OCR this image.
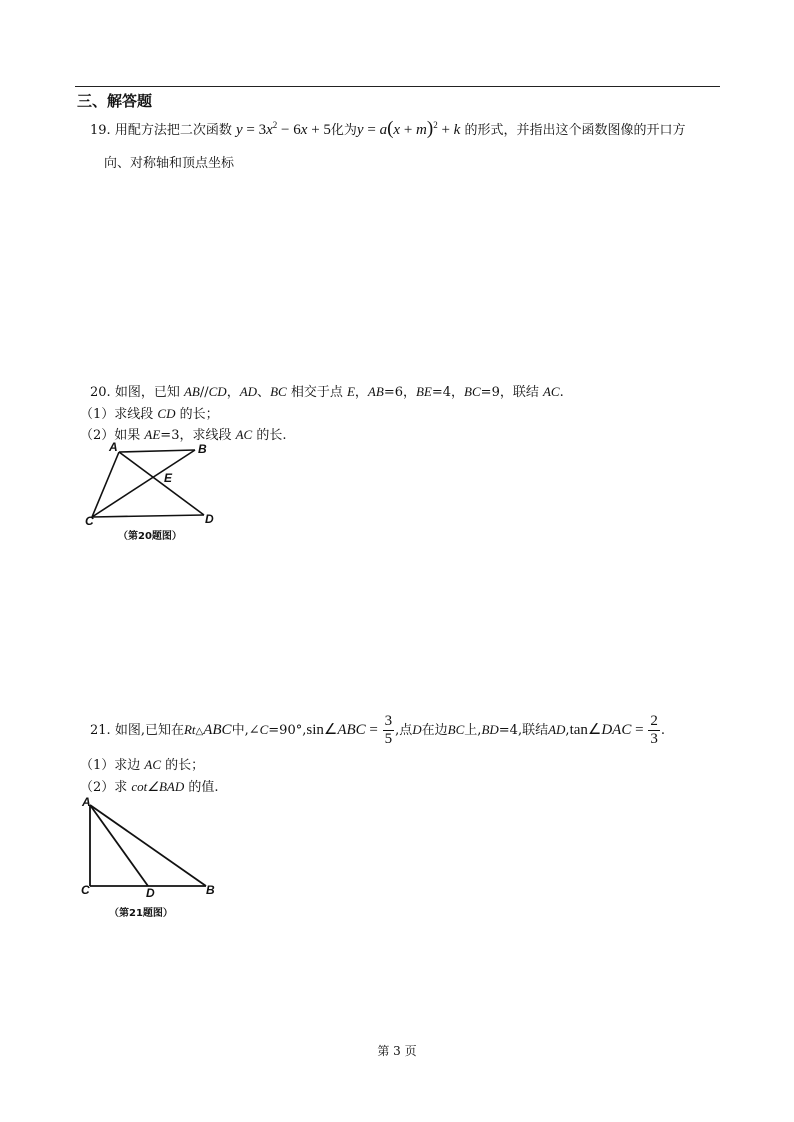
三、解答题
19. 用配方法把二次函数 $y = 3x^2 - 6x + 5$化为$y = a(x + m)^2 + k$ 的形式，并指出这个函数图像的开口方
向、对称轴和顶点坐标
20. 如图，已知 AB//CD，AD、BC 相交于点 E，AB=6，BE=4，BC=9，联结 AC.
（1）求线段 CD 的长；
（2）如果 AE=3，求线段 AC 的长.
A	B
E
C	D
（第20题图）
21. 如图,已知在Rt△ABC中,∠C=90°,sin∠ABC = $\frac{3}{5}$ ,点D在边BC上,BD=4,联结AD,tan∠DAC = $\frac{2}{3}$ .
（1）求边 AC 的长；
（2）求 cot∠BAD 的值.
A
C	D	B
（第21题图）
第 3 页
